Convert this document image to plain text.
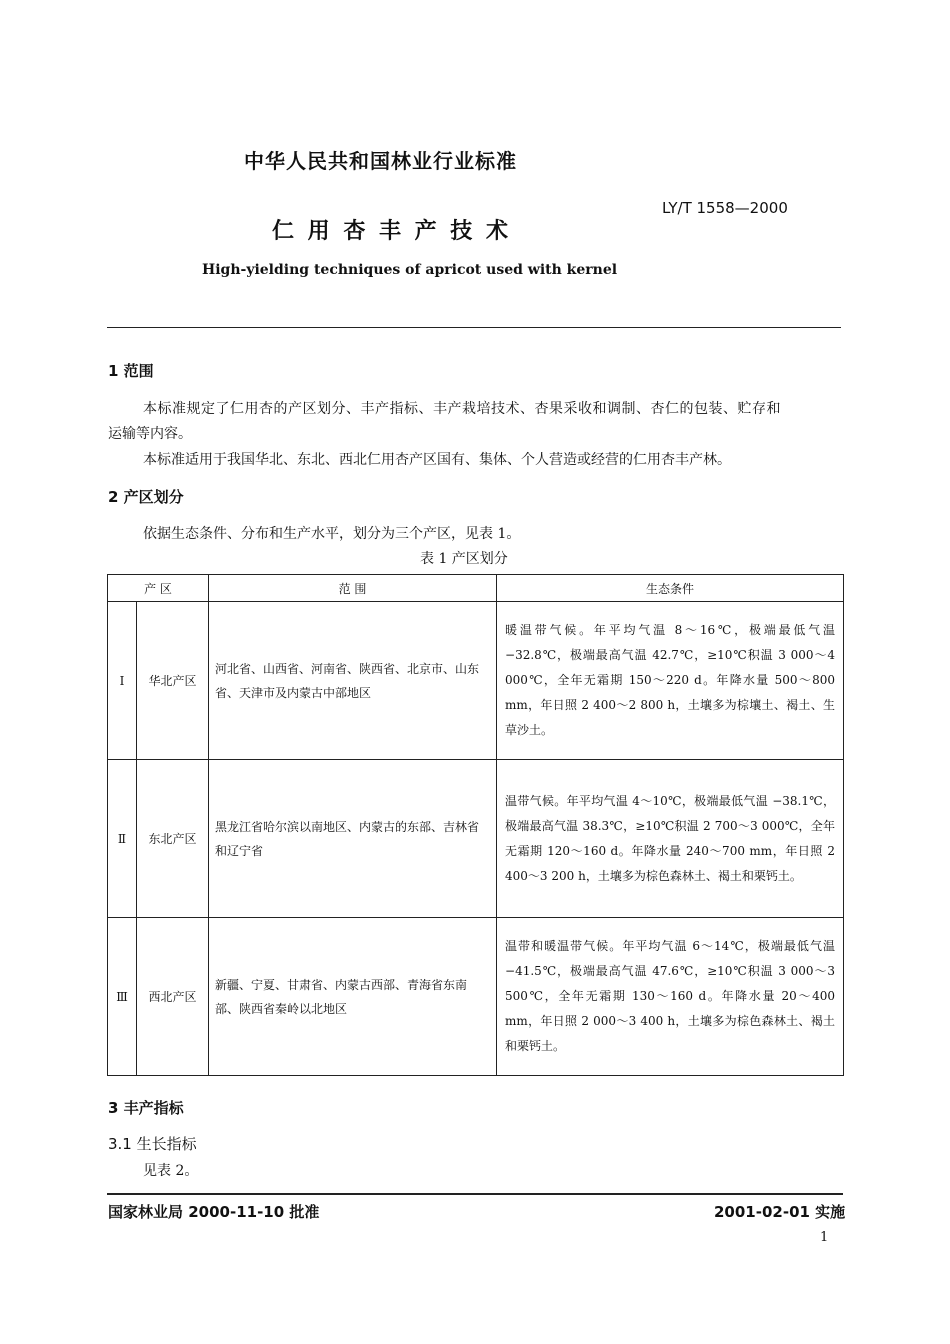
中华人民共和国林业行业标准
LY/T 1558—2000
仁 用 杏 丰 产 技 术
High-yielding techniques of apricot used with kernel
1 范围
本标准规定了仁用杏的产区划分、丰产指标、丰产栽培技术、杏果采收和调制、杏仁的包装、贮存和
运输等内容。
本标准适用于我国华北、东北、西北仁用杏产区国有、集体、个人营造或经营的仁用杏丰产林。
2 产区划分
依据生态条件、分布和生产水平，划分为三个产区，见表 1。
表 1 产区划分
产 区		范 围	生态条件
Ⅰ	华北产区	河北省、山西省、河南省、陕西省、北京市、山东省、天津市及内蒙古中部地区	暖温带气候。年平均气温 8～16℃，极端最低气温 −32.8℃，极端最高气温 42.7℃，≥10℃积温 3 000～4 000℃，全年无霜期 150～220 d。年降水量 500～800 mm，年日照 2 400～2 800 h，土壤多为棕壤土、褐土、生草沙土。

Ⅱ	东北产区	黑龙江省哈尔滨以南地区、内蒙古的东部、吉林省和辽宁省	温带气候。年平均气温 4～10℃，极端最低气温 −38.1℃，极端最高气温 38.3℃，≥10℃积温 2 700～3 000℃，全年无霜期 120～160 d。年降水量 240～700 mm，年日照 2 400～3 200 h，土壤多为棕色森林土、褐土和栗钙土。

Ⅲ	西北产区	新疆、宁夏、甘肃省、内蒙古西部、青海省东南部、陕西省秦岭以北地区	温带和暖温带气候。年平均气温 6～14℃，极端最低气温 −41.5℃，极端最高气温 47.6℃，≥10℃积温 3 000～3 500℃，全年无霜期 130～160 d。年降水量 20～400 mm，年日照 2 000～3 400 h，土壤多为棕色森林土、褐土和栗钙土。
3 丰产指标
3.1 生长指标
见表 2。
国家林业局 2000-11-10 批准	2001-02-01 实施
1
